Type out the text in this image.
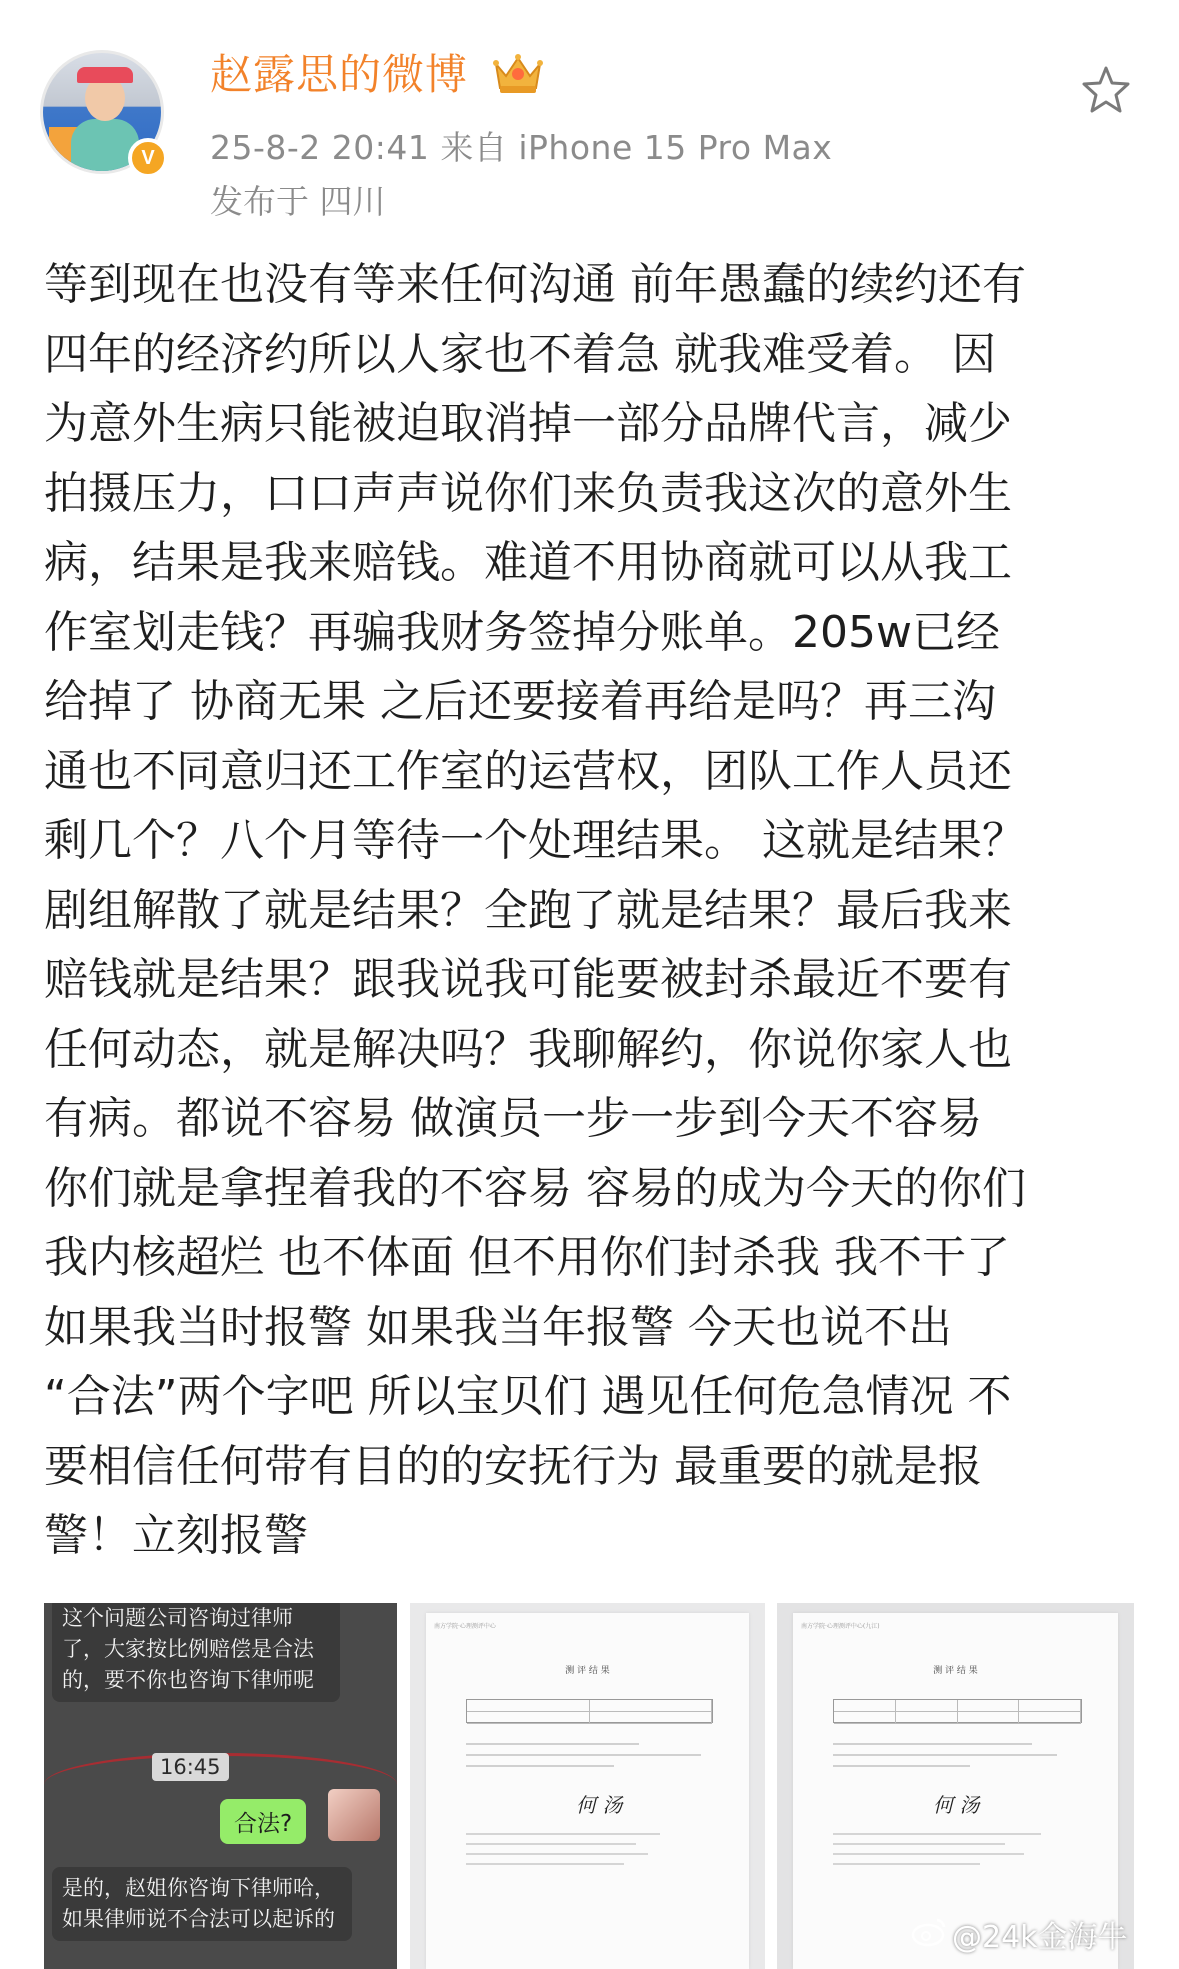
V
赵露思的微博
25-8-2 20:41 来自 iPhone 15 Pro Max
发布于 四川
等到现在也没有等来任何沟通 前年愚蠢的续约还有
四年的经济约所以人家也不着急 就我难受着。 因
为意外生病只能被迫取消掉一部分品牌代言，减少
拍摄压力，口口声声说你们来负责我这次的意外生
病，结果是我来赔钱。难道不用协商就可以从我工
作室划走钱？再骗我财务签掉分账单。205w已经
给掉了 协商无果 之后还要接着再给是吗？再三沟
通也不同意归还工作室的运营权，团队工作人员还
剩几个？八个月等待一个处理结果。 这就是结果？
剧组解散了就是结果？全跑了就是结果？最后我来
赔钱就是结果？跟我说我可能要被封杀最近不要有
任何动态，就是解决吗？我聊解约，你说你家人也
有病。都说不容易 做演员一步一步到今天不容易
你们就是拿捏着我的不容易 容易的成为今天的你们
我内核超烂 也不体面 但不用你们封杀我 我不干了
如果我当时报警 如果我当年报警 今天也说不出
“合法”两个字吧 所以宝贝们 遇见任何危急情况 不
要相信任何带有目的的安抚行为 最重要的就是报
警！立刻报警
这个问题公司咨询过律师了，大家按比例赔偿是合法的，要不你也咨询下律师呢
16:45
合法?
是的，赵姐你咨询下律师哈，如果律师说不合法可以起诉的
南方学院·心理测评中心
测 评 结 果
何 汤
南方学院·心理测评中心(九江)
测 评 结 果
何 汤
@24k金海牛
